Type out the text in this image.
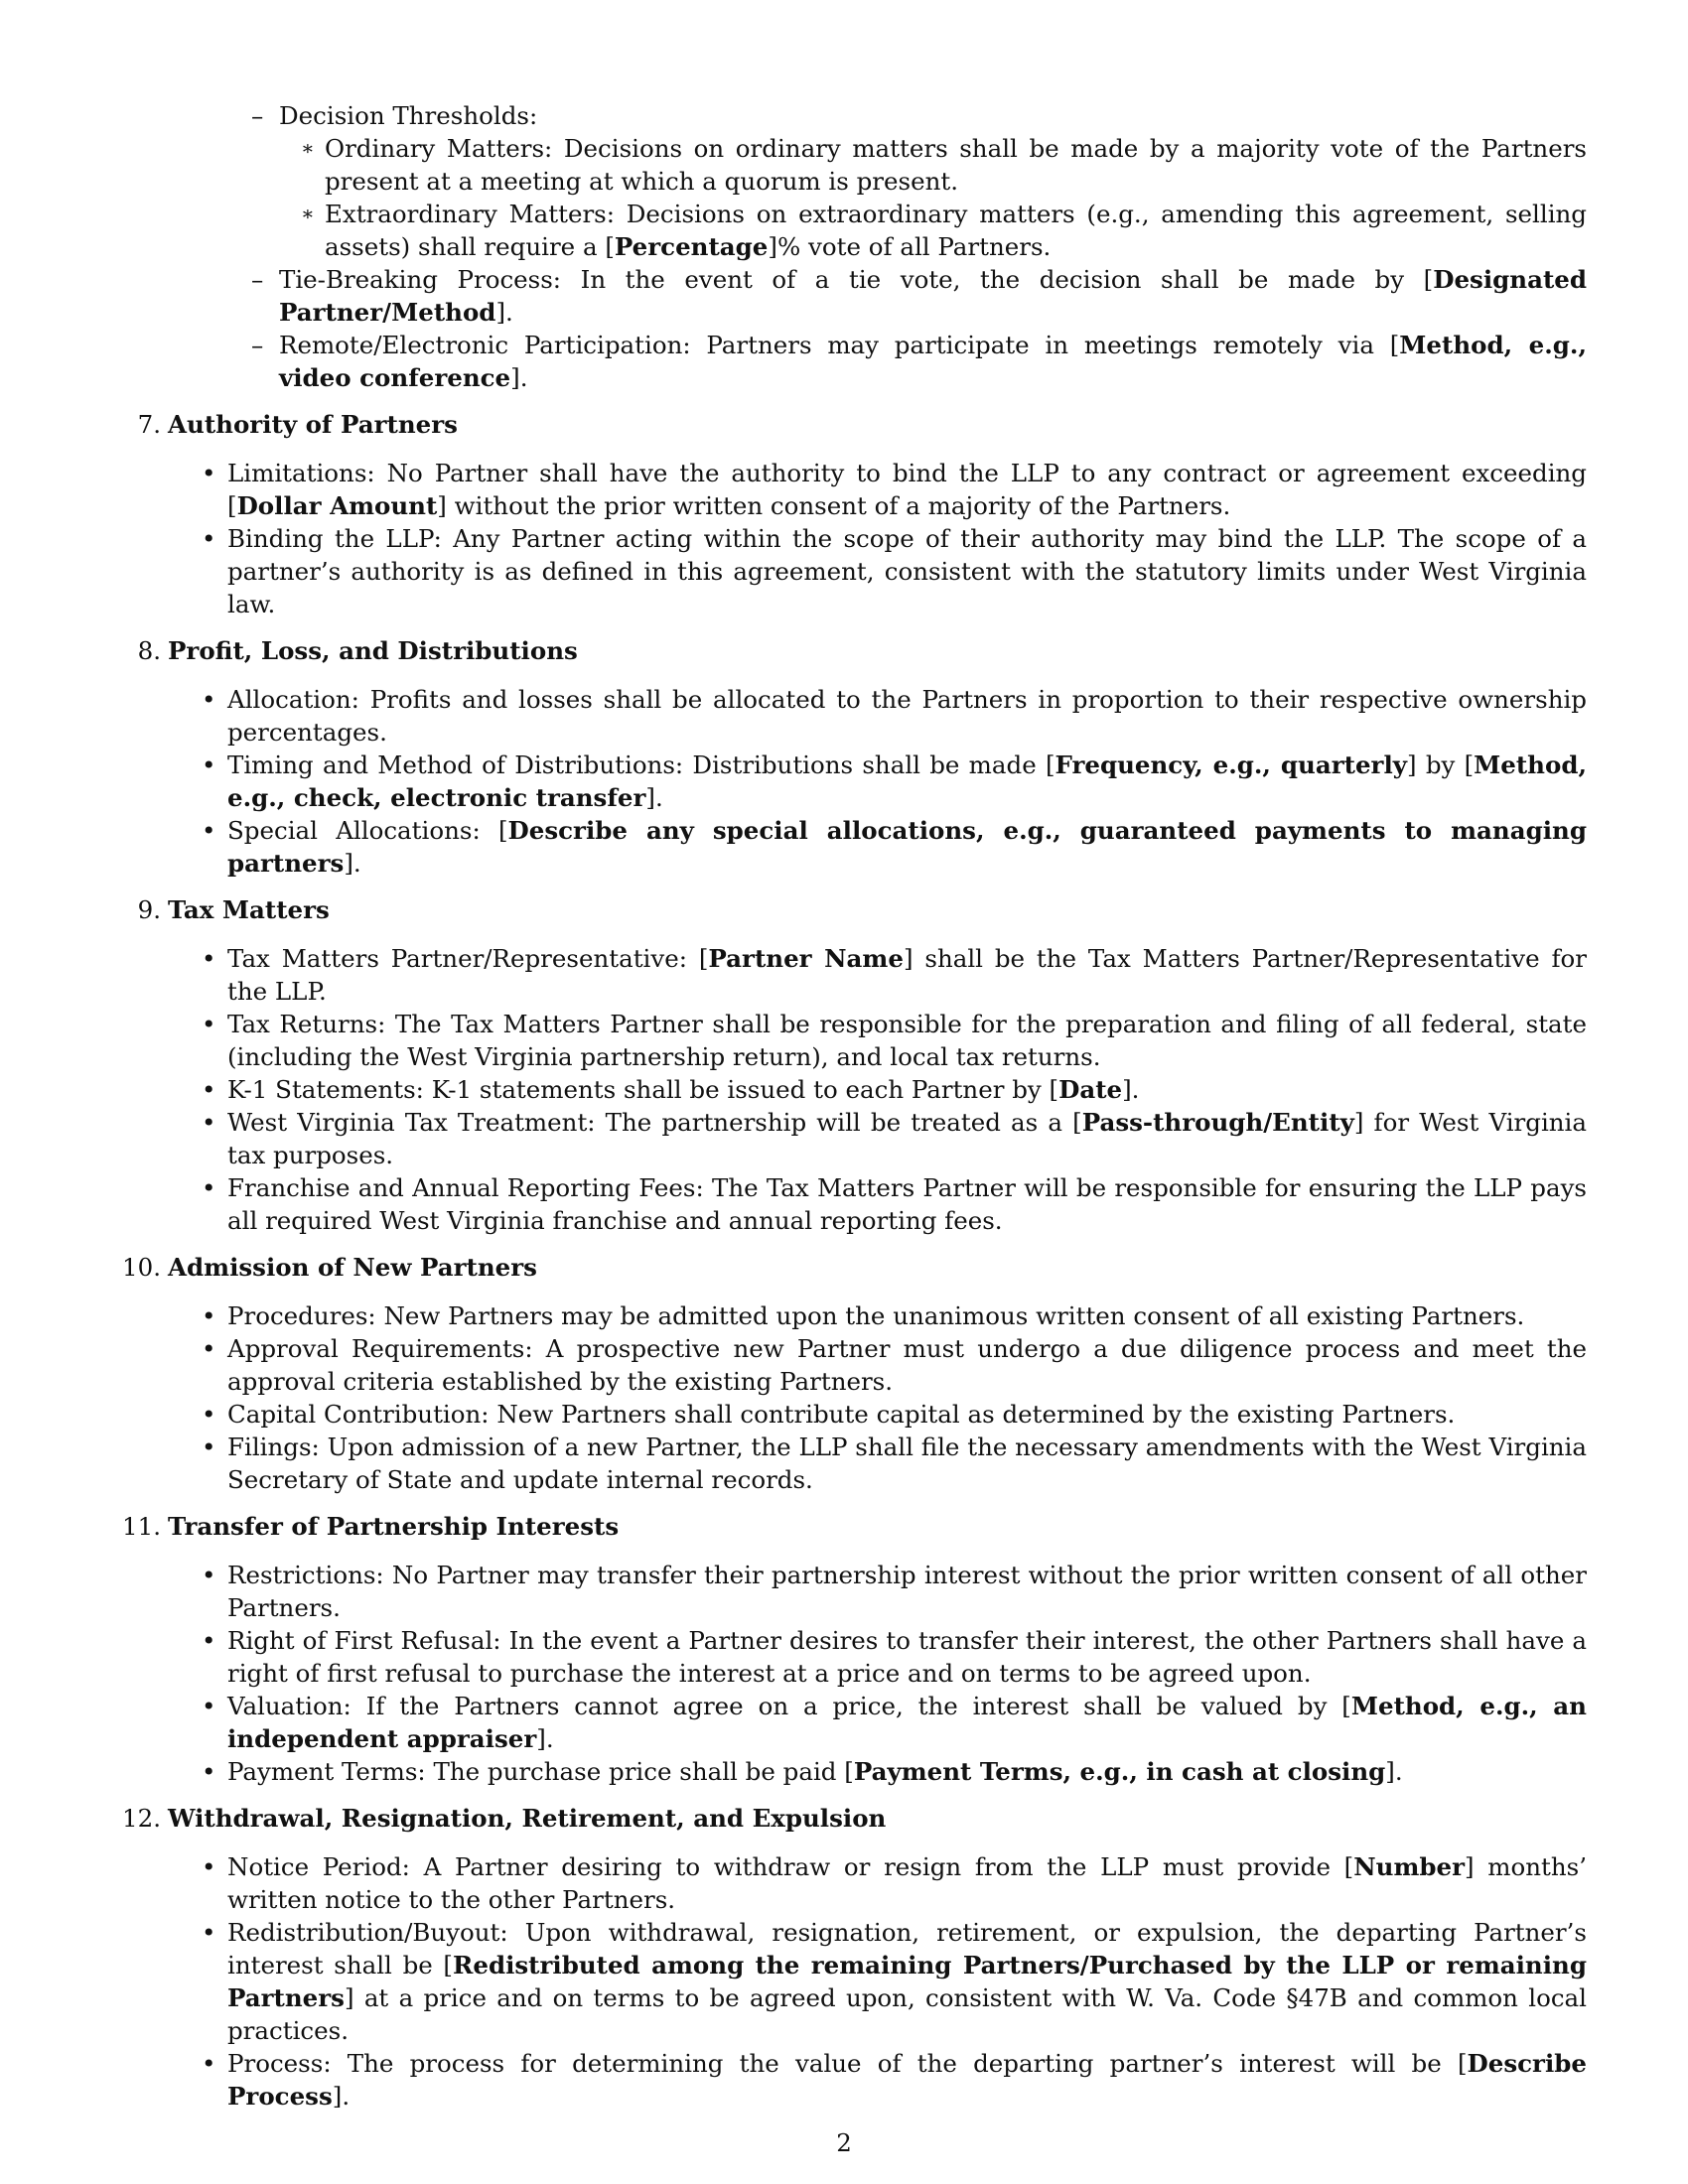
– Decision Thresholds:
∗ Ordinary Matters: Decisions on ordinary matters shall be made by a majority vote of the Partners present at a meeting at which a quorum is present.
∗ Extraordinary Matters: Decisions on extraordinary matters (e.g., amending this agreement, selling assets) shall require a [Percentage]% vote of all Partners.
– Tie-Breaking Process: In the event of a tie vote, the decision shall be made by [Designated Partner/Method].
– Remote/Electronic Participation: Partners may participate in meetings remotely via [Method, e.g., video conference].
7. Authority of Partners
• Limitations: No Partner shall have the authority to bind the LLP to any contract or agreement exceeding [Dollar Amount] without the prior written consent of a majority of the Partners.
• Binding the LLP: Any Partner acting within the scope of their authority may bind the LLP. The scope of a partner’s authority is as defined in this agreement, consistent with the statutory limits under West Virginia law.
8. Profit, Loss, and Distributions
• Allocation: Profits and losses shall be allocated to the Partners in proportion to their respective ownership percentages.
• Timing and Method of Distributions: Distributions shall be made [Frequency, e.g., quarterly] by [Method, e.g., check, electronic transfer].
• Special Allocations: [Describe any special allocations, e.g., guaranteed payments to managing partners].
9. Tax Matters
• Tax Matters Partner/Representative: [Partner Name] shall be the Tax Matters Partner/Representative for the LLP.
• Tax Returns: The Tax Matters Partner shall be responsible for the preparation and filing of all federal, state (including the West Virginia partnership return), and local tax returns.
• K-1 Statements: K-1 statements shall be issued to each Partner by [Date].
• West Virginia Tax Treatment: The partnership will be treated as a [Pass-through/Entity] for West Virginia tax purposes.
• Franchise and Annual Reporting Fees: The Tax Matters Partner will be responsible for ensuring the LLP pays all required West Virginia franchise and annual reporting fees.
10. Admission of New Partners
• Procedures: New Partners may be admitted upon the unanimous written consent of all existing Partners.
• Approval Requirements: A prospective new Partner must undergo a due diligence process and meet the approval criteria established by the existing Partners.
• Capital Contribution: New Partners shall contribute capital as determined by the existing Partners.
• Filings: Upon admission of a new Partner, the LLP shall file the necessary amendments with the West Virginia Secretary of State and update internal records.
11. Transfer of Partnership Interests
• Restrictions: No Partner may transfer their partnership interest without the prior written consent of all other Partners.
• Right of First Refusal: In the event a Partner desires to transfer their interest, the other Partners shall have a right of first refusal to purchase the interest at a price and on terms to be agreed upon.
• Valuation: If the Partners cannot agree on a price, the interest shall be valued by [Method, e.g., an independent appraiser].
• Payment Terms: The purchase price shall be paid [Payment Terms, e.g., in cash at closing].
12. Withdrawal, Resignation, Retirement, and Expulsion
• Notice Period: A Partner desiring to withdraw or resign from the LLP must provide [Number] months’ written notice to the other Partners.
• Redistribution/Buyout: Upon withdrawal, resignation, retirement, or expulsion, the departing Partner’s interest shall be [Redistributed among the remaining Partners/Purchased by the LLP or remaining Partners] at a price and on terms to be agreed upon, consistent with W. Va. Code §47B and common local practices.
• Process: The process for determining the value of the departing partner’s interest will be [Describe Process].
2
